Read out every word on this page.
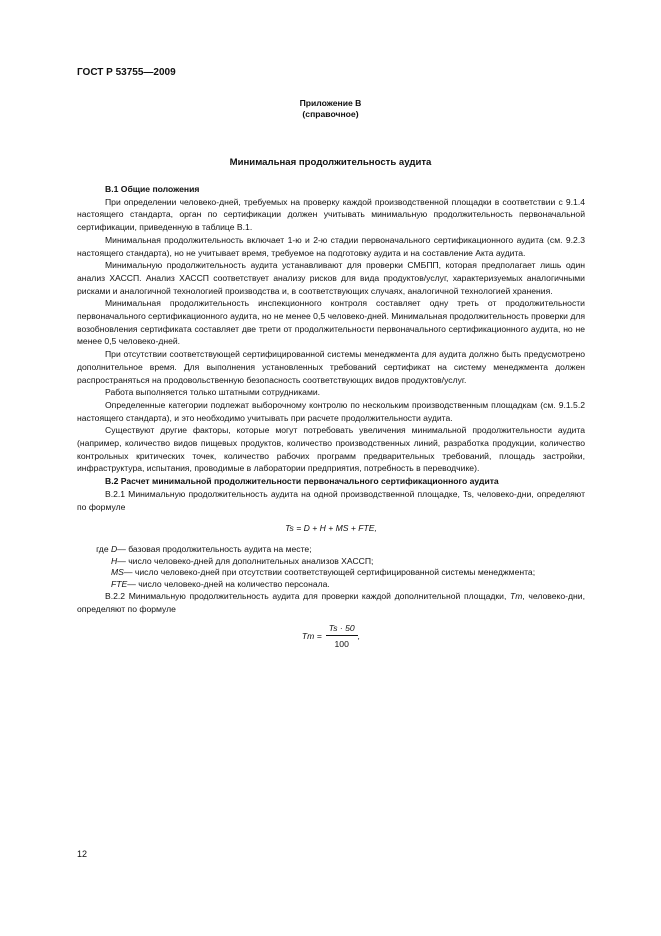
ГОСТ Р 53755—2009
Приложение В
(справочное)
Минимальная продолжительность аудита
В.1 Общие положения

При определении человеко-дней, требуемых на проверку каждой производственной площадки в соответствии с 9.1.4 настоящего стандарта, орган по сертификации должен учитывать минимальную продолжительность первоначальной сертификации, приведенную в таблице В.1.

Минимальная продолжительность включает 1-ю и 2-ю стадии первоначального сертификационного аудита (см. 9.2.3 настоящего стандарта), но не учитывает время, требуемое на подготовку аудита и на составление Акта аудита.

Минимальную продолжительность аудита устанавливают для проверки СМБПП, которая предполагает лишь один анализ ХАССП. Анализ ХАССП соответствует анализу рисков для вида продуктов/услуг, характеризуемых аналогичными рисками и аналогичной технологией производства и, в соответствующих случаях, аналогичной технологией хранения.

Минимальная продолжительность инспекционного контроля составляет одну треть от продолжительности первоначального сертификационного аудита, но не менее 0,5 человеко-дней. Минимальная продолжительность проверки для возобновления сертификата составляет две трети от продолжительности первоначального сертификационного аудита, но не менее 0,5 человеко-дней.

При отсутствии соответствующей сертифицированной системы менеджмента для аудита должно быть предусмотрено дополнительное время. Для выполнения установленных требований сертификат на систему менеджмента должен распространяться на продовольственную безопасность соответствующих видов продуктов/услуг.

Работа выполняется только штатными сотрудниками.

Определенные категории подлежат выборочному контролю по нескольким производственным площадкам (см. 9.1.5.2 настоящего стандарта), и это необходимо учитывать при расчете продолжительности аудита.

Существуют другие факторы, которые могут потребовать увеличения минимальной продолжительности аудита (например, количество видов пищевых продуктов, количество производственных линий, разработка продукции, количество контрольных критических точек, количество рабочих программ предварительных требований, площадь застройки, инфраструктура, испытания, проводимые в лаборатории предприятия, потребность в переводчике).

В.2 Расчет минимальной продолжительности первоначального сертификационного аудита

В.2.1 Минимальную продолжительность аудита на одной производственной площадке, Ts, человеко-дни, определяют по формуле

Ts = D + H + MS + FTE,
где D — базовая продолжительность аудита на месте;
H — число человеко-дней для дополнительных анализов ХАССП;
MS — число человеко-дней при отсутствии соответствующей сертифицированной системы менеджмента;
FTE — число человеко-дней на количество персонала.

В.2.2 Минимальную продолжительность аудита для проверки каждой дополнительной площадки, Tm, человеко-дни, определяют по формуле

$Tm = \frac{Ts \cdot 50}{100}$ ,
12
